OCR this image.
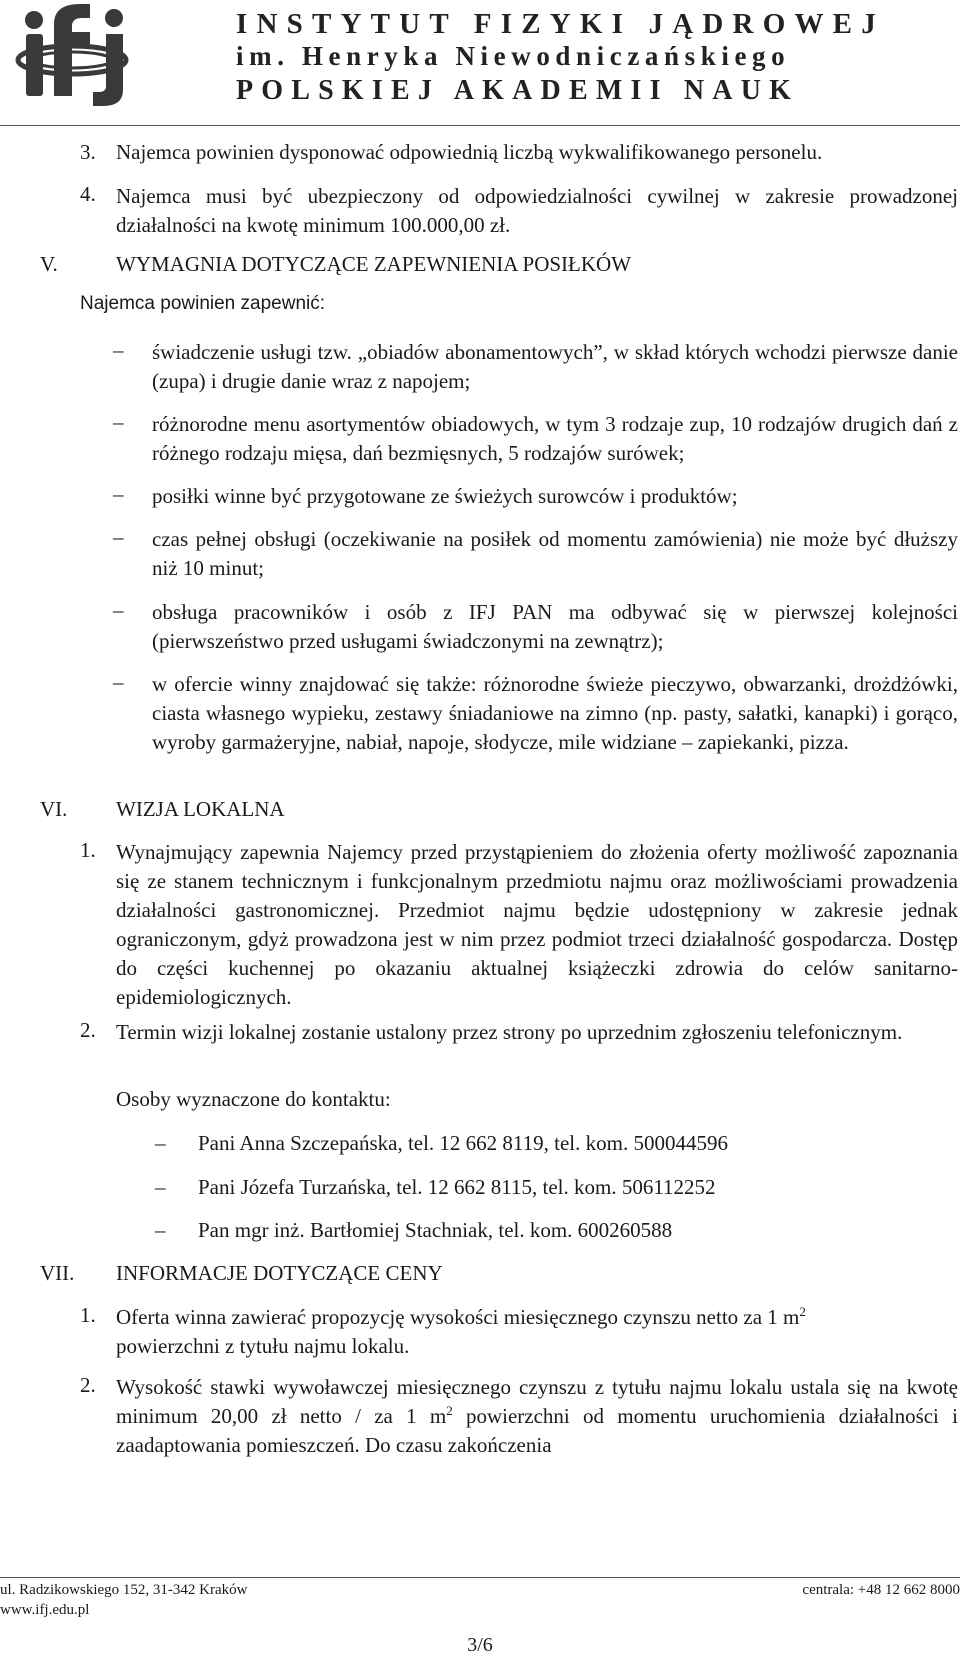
INSTYTUT FIZYKI JĄDROWEJ
im. Henryka Niewodniczańskiego
POLSKIEJ AKADEMII NAUK
3. Najemca powinien dysponować odpowiednią liczbą wykwalifikowanego personelu.
4. Najemca musi być ubezpieczony od odpowiedzialności cywilnej w zakresie prowadzonej działalności na kwotę minimum 100.000,00 zł.
V.	WYMAGNIA DOTYCZĄCE ZAPEWNIENIA POSIŁKÓW
Najemca powinien zapewnić:
– świadczenie usługi tzw. „obiadów abonamentowych”, w skład których wchodzi pierwsze danie (zupa) i drugie danie wraz z napojem;
– różnorodne menu asortymentów obiadowych, w tym 3 rodzaje zup, 10 rodzajów drugich dań z różnego rodzaju mięsa, dań bezmięsnych, 5 rodzajów surówek;
– posiłki winne być przygotowane ze świeżych surowców i produktów;
– czas pełnej obsługi (oczekiwanie na posiłek od momentu zamówienia) nie może być dłuższy niż 10 minut;
– obsługa pracowników i osób z IFJ PAN ma odbywać się w pierwszej kolejności (pierwszeństwo przed usługami świadczonymi na zewnątrz);
– w ofercie winny znajdować się także: różnorodne świeże pieczywo, obwarzanki, drożdżówki, ciasta własnego wypieku, zestawy śniadaniowe na zimno (np. pasty, sałatki, kanapki) i gorąco, wyroby garmażeryjne, nabiał, napoje, słodycze, mile widziane – zapiekanki, pizza.
VI. WIZJA LOKALNA
1. Wynajmujący zapewnia Najemcy przed przystąpieniem do złożenia oferty możliwość zapoznania się ze stanem technicznym i funkcjonalnym przedmiotu najmu oraz możliwościami prowadzenia działalności gastronomicznej. Przedmiot najmu będzie udostępniony w zakresie jednak ograniczonym, gdyż prowadzona jest w nim przez podmiot trzeci działalność gospodarcza. Dostęp do części kuchennej po okazaniu aktualnej książeczki zdrowia do celów sanitarno-epidemiologicznych.
2. Termin wizji lokalnej zostanie ustalony przez strony po uprzednim zgłoszeniu telefonicznym.
Osoby wyznaczone do kontaktu:
– Pani Anna Szczepańska, tel. 12 662 8119, tel. kom. 500044596
– Pani Józefa Turzańska, tel. 12 662 8115, tel. kom. 506112252
– Pan mgr inż. Bartłomiej Stachniak, tel. kom. 600260588
VII. INFORMACJE DOTYCZĄCE CENY
1. Oferta winna zawierać propozycję wysokości miesięcznego czynszu netto za 1 $m^2$
powierzchni z tytułu najmu lokalu.
2. Wysokość stawki wywoławczej miesięcznego czynszu z tytułu najmu lokalu ustala się na kwotę minimum 20,00 zł netto / za 1 $m^2$ powierzchni od momentu uruchomienia działalności i zaadaptowania pomieszczeń. Do czasu zakończenia
ul. Radzikowskiego 152, 31-342 Kraków
www.ifj.edu.pl
centrala: +48 12 662 8000
3/6
